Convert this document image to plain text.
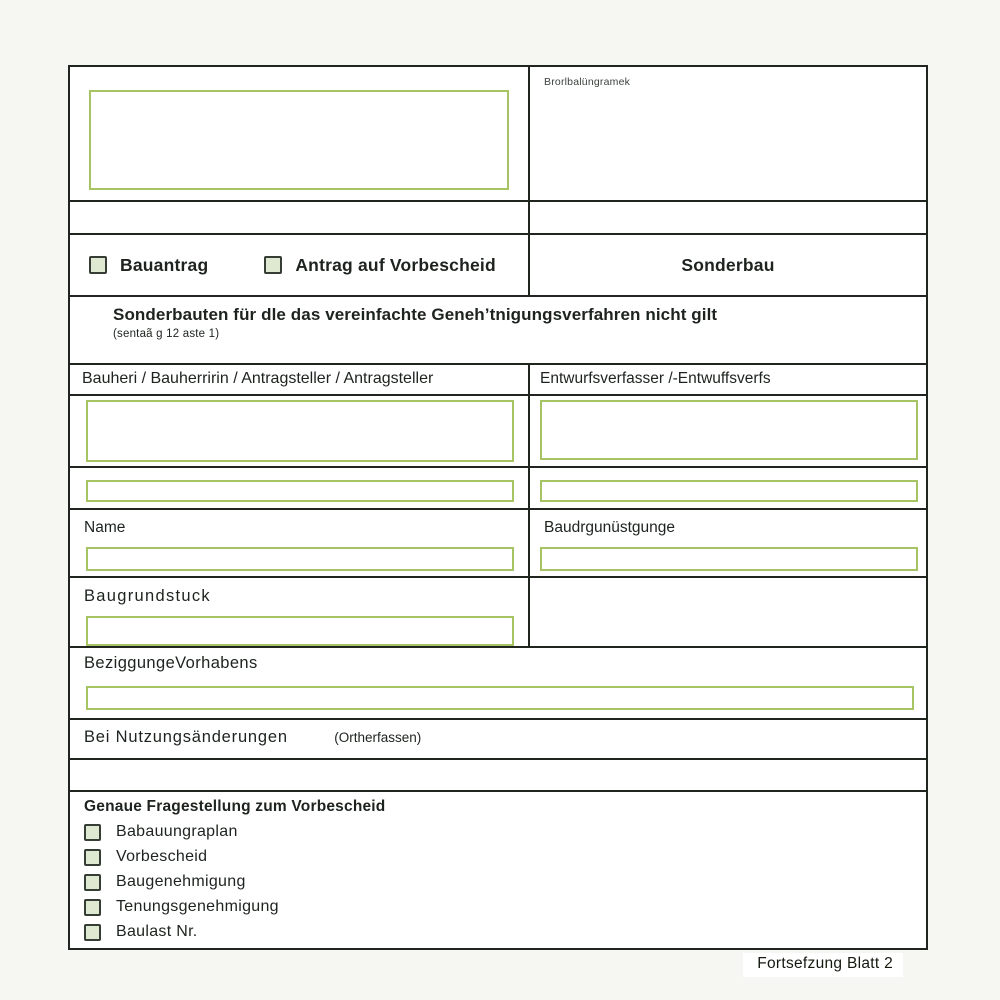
Brorlbalüngramek
Bauantrag	Antrag auf Vorbescheid	Sonderbau
Sonderbauten für dle das vereinfachte Geneh’tnigungsverfahren nicht gilt
(sentaã g 12 aste 1)
Bauheri / Bauherririn / Antragsteller / Antragsteller	Entwurfsverfasser /-Entwuffsverfs
Name	Baudrgunüstgunge
Baugrundstuck
BeziggungeVorhabens
Bei Nutzungsänderungen	(Ortherfassen)
Genaue Fragestellung zum Vorbescheid
Babauungraplan
Vorbescheid
Baugenehmigung
Tenungsgenehmigung
Baulast Nr.
Fortsefzung Blatt 2
